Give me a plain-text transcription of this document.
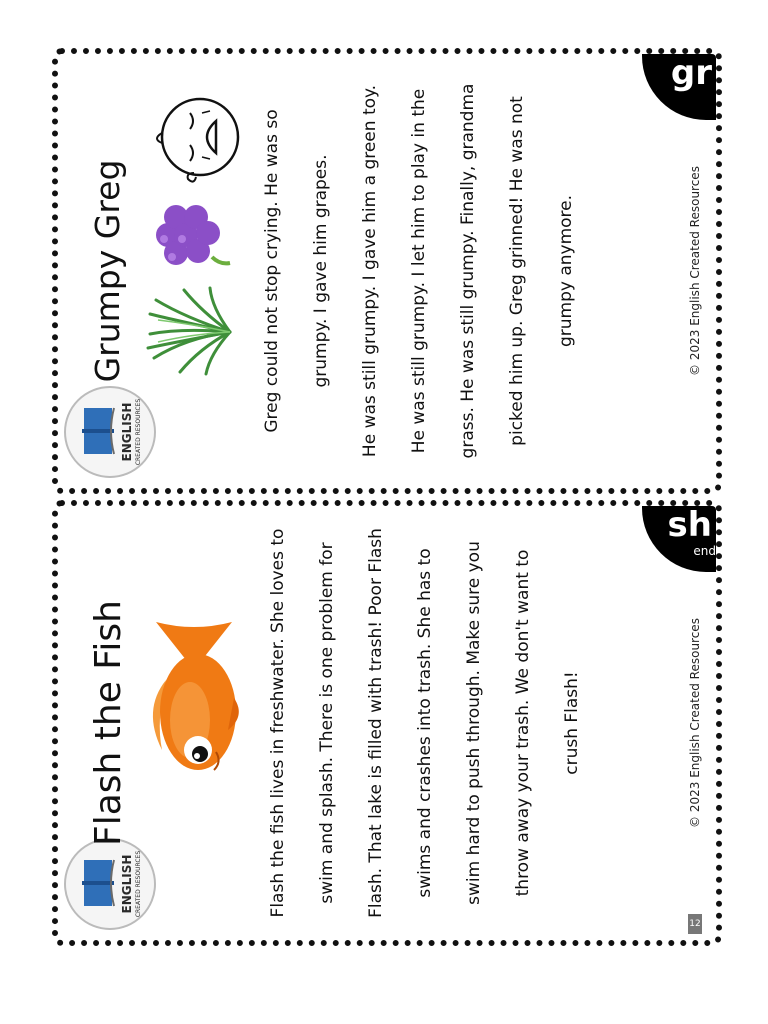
ENGLISH CREATED RESOURCES
Grumpy Greg	Greg could not stop crying. He was so grumpy. I gave him grapes.	He was still grumpy. I gave him a green toy. He was still grumpy. I let him to play in the grass. He was still grumpy. Finally, grandma picked him up. Greg grinned! He was not grumpy anymore.	© 2023 English Created Resources
gr
ENGLISH CREATED RESOURCES
Flash the Fish	Flash the fish lives in freshwater. She loves to swim and splash. There is one problem for Flash. That lake is filled with trash! Poor Flash swims and crashes into trash. She has to swim hard to push through. Make sure you throw away your trash. We don't want to crush Flash!	© 2023 English Created Resources
sh
end
12
